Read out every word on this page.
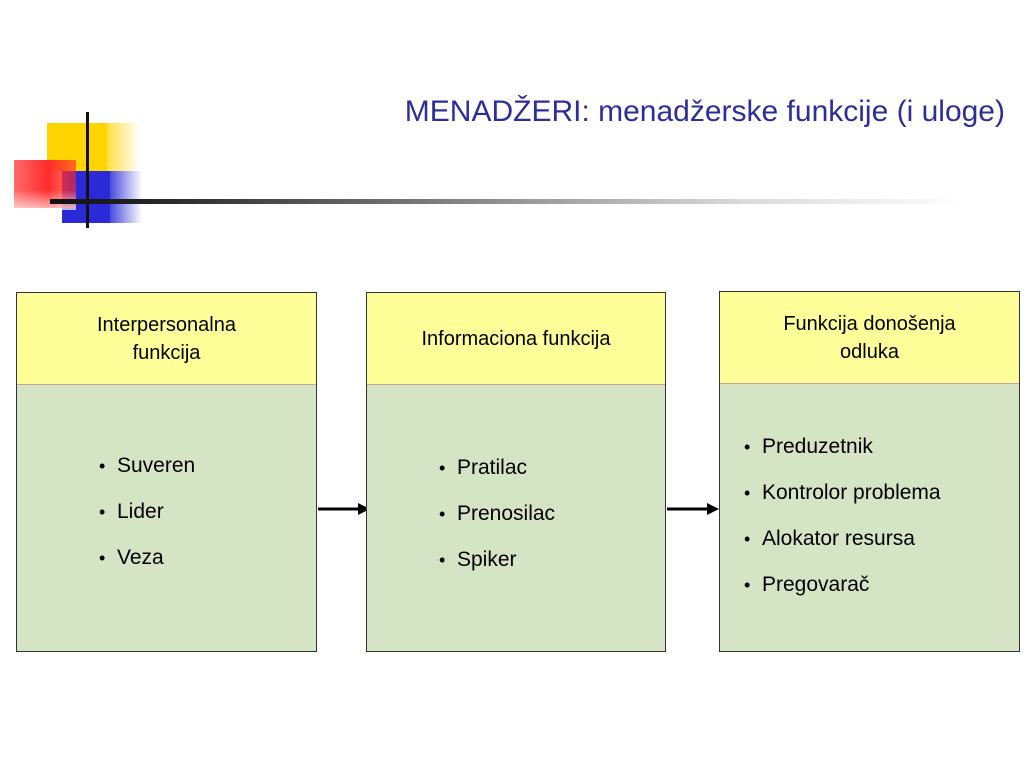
MENADŽERI: menadžerske funkcije (i uloge)
Interpersonalna funkcija
• Suveren
• Lider
• Veza
Informaciona funkcija
• Pratilac
• Prenosilac
• Spiker
Funkcija donošenja odluka
• Preduzetnik
• Kontrolor problema
• Alokator resursa
• Pregovarač
